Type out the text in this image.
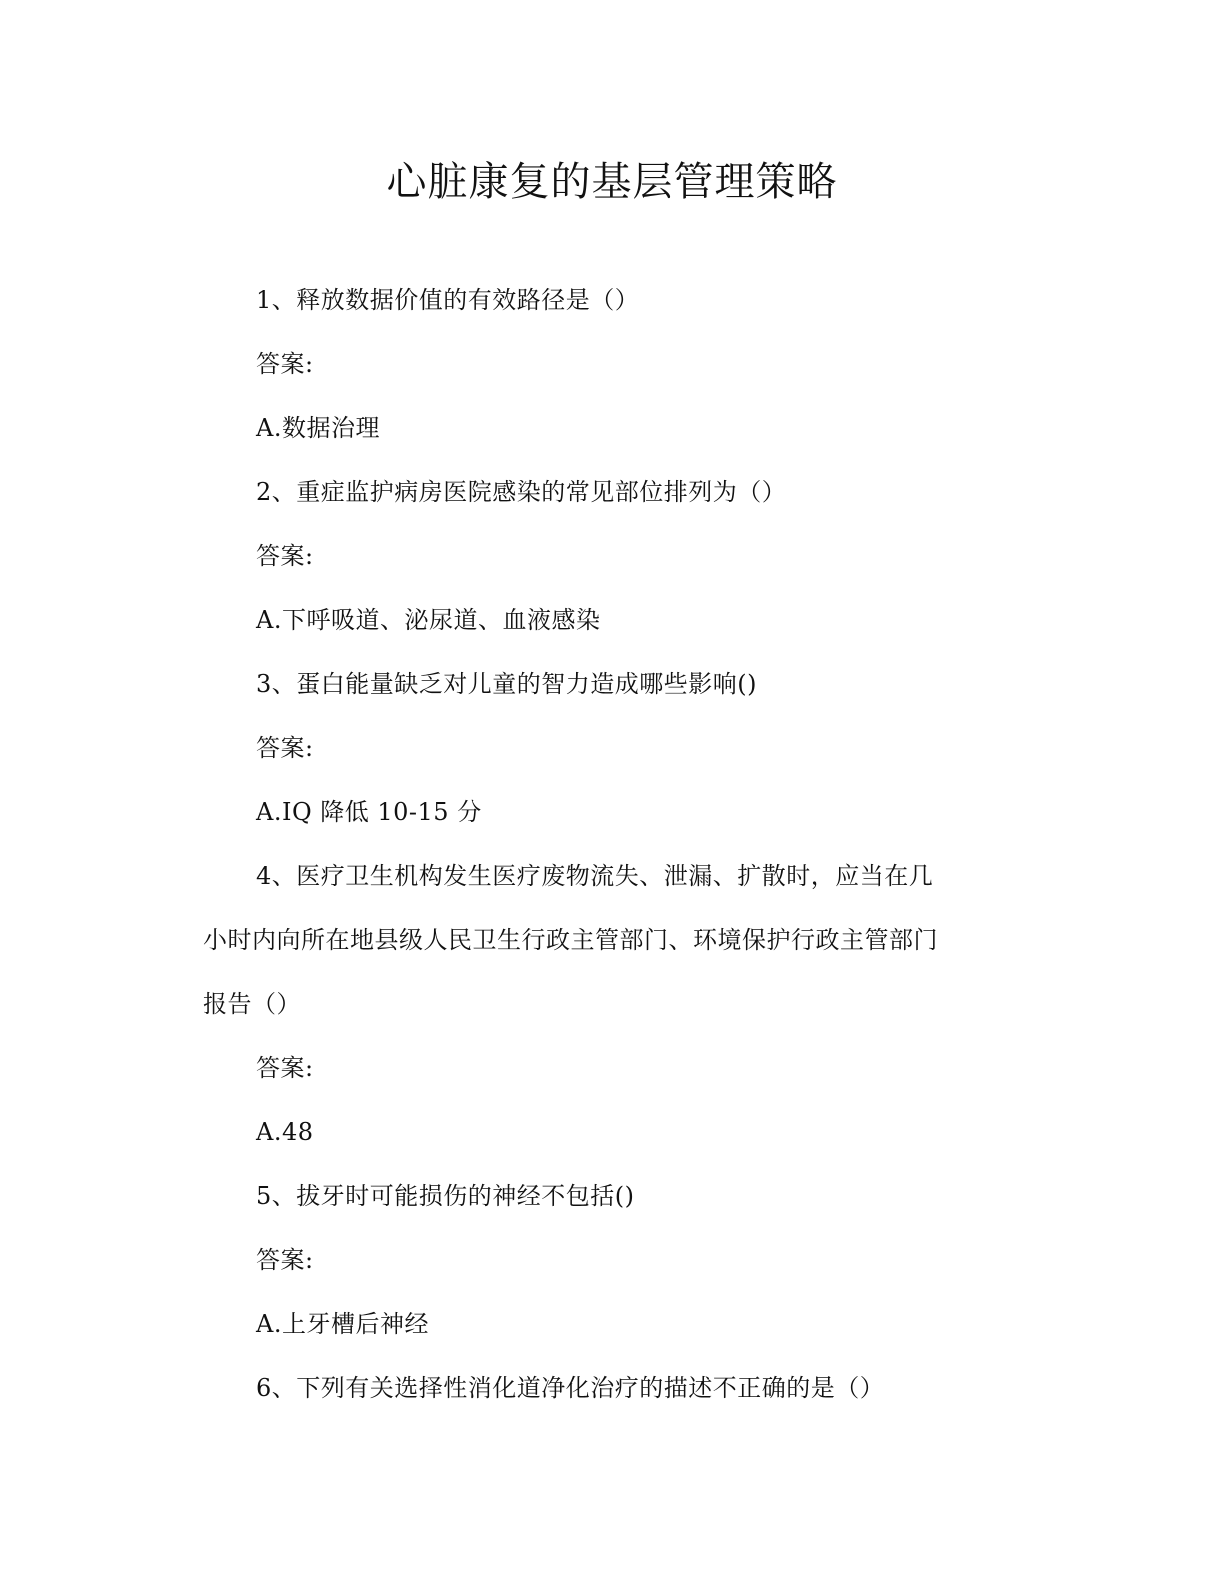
心脏康复的基层管理策略

1、释放数据价值的有效路径是（）

答案:

A.数据治理

2、重症监护病房医院感染的常见部位排列为（）

答案:

A.下呼吸道、泌尿道、血液感染

3、蛋白能量缺乏对儿童的智力造成哪些影响()

答案:

A.IQ 降低 10-15 分

4、医疗卫生机构发生医疗废物流失、泄漏、扩散时，应当在几

小时内向所在地县级人民卫生行政主管部门、环境保护行政主管部门

报告（）

答案:

A.48

5、拔牙时可能损伤的神经不包括()

答案:

A.上牙槽后神经

6、下列有关选择性消化道净化治疗的描述不正确的是（）
